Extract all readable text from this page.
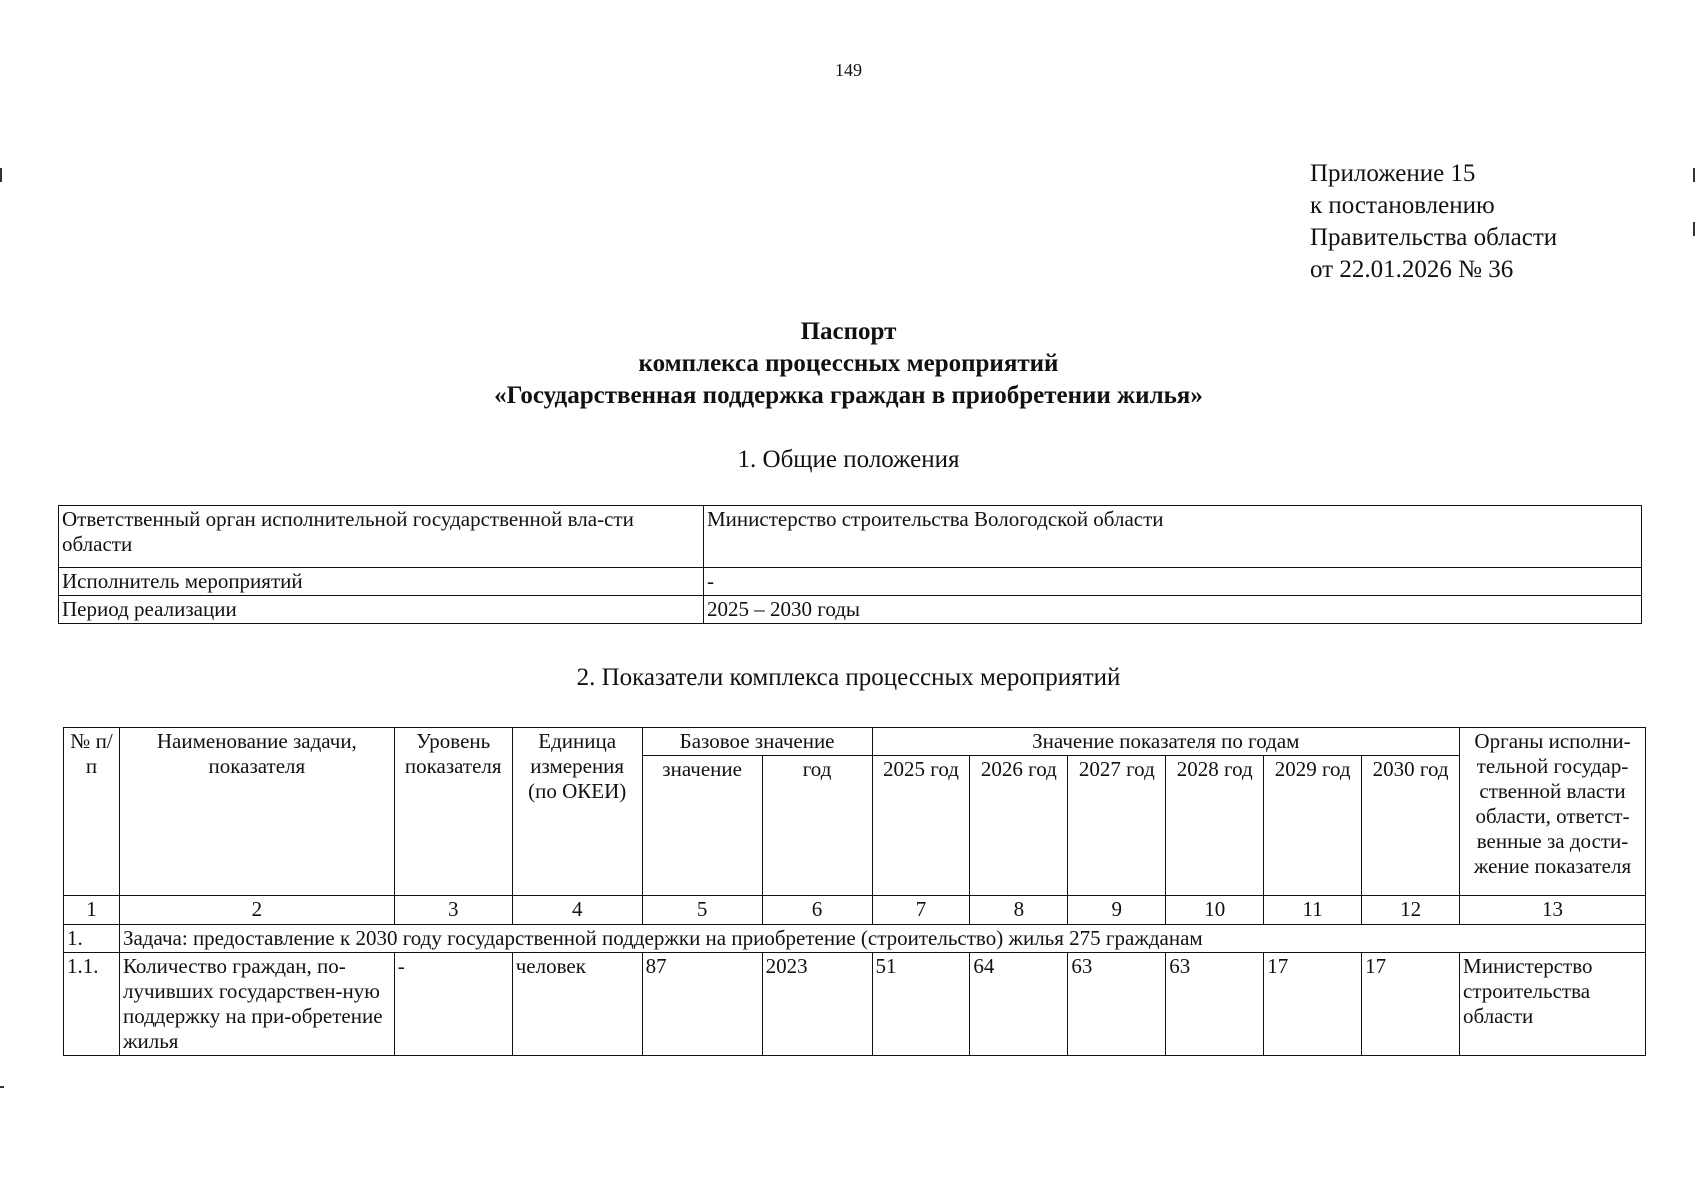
149
Приложение 15
к постановлению
Правительства области
от 22.01.2026 № 36
Паспорт
комплекса процессных мероприятий
«Государственная поддержка граждан в приобретении жилья»
1. Общие положения
Ответственный орган исполнительной государственной вла-сти области	Министерство строительства Вологодской области
Исполнитель мероприятий	-
Период реализации	2025 – 2030 годы
2. Показатели комплекса процессных мероприятий
№ п/п	Наименование задачи, показателя	Уровень показателя	Единица измерения (по ОКЕИ)	Базовое значение		Значение показателя по годам						Органы исполни-тельной государ-ственной власти области, ответст-венные за дости-жение показателя
				значение	год	2025 год	2026 год	2027 год	2028 год	2029 год	2030 год	
1	2	3	4	5	6	7	8	9	10	11	12	13
1.	Задача: предоставление к 2030 году государственной поддержки на приобретение (строительство) жилья 275 гражданам											
1.1.	Количество граждан, по-лучивших государствен-ную поддержку на при-обретение жилья	-	человек	87	2023	51	64	63	63	17	17	Министерство строительства области
